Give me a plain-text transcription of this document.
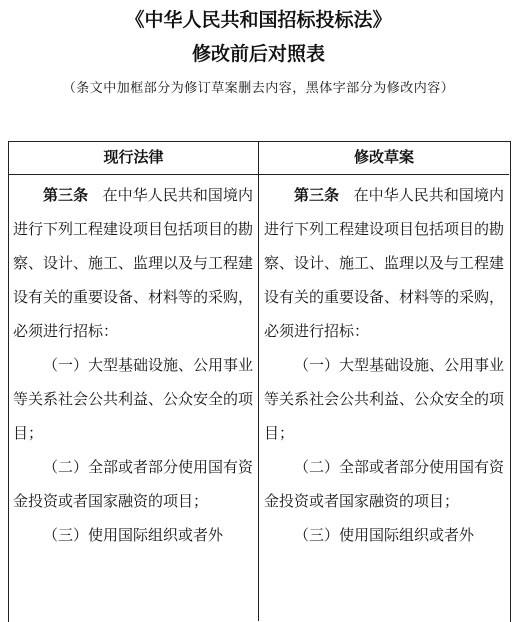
《中华人民共和国招标投标法》
修改前后对照表
（条文中加框部分为修订草案删去内容，黑体字部分为修改内容）
现行法律	修改草案

第三条 在中华人民共和国境内进行下列工程建设项目包括项目的勘察、设计、施工、监理以及与工程建设有关的重要设备、材料等的采购，必须进行招标：

（一）大型基础设施、公用事业等关系社会公共利益、公众安全的项目；

（二）全部或者部分使用国有资金投资或者国家融资的项目；

（三）使用国际组织或者外

第三条 在中华人民共和国境内进行下列工程建设项目包括项目的勘察、设计、施工、监理以及与工程建设有关的重要设备、材料等的采购，必须进行招标：

（一）大型基础设施、公用事业等关系社会公共利益、公众安全的项目；

（二）全部或者部分使用国有资金投资或者国家融资的项目；

（三）使用国际组织或者外
